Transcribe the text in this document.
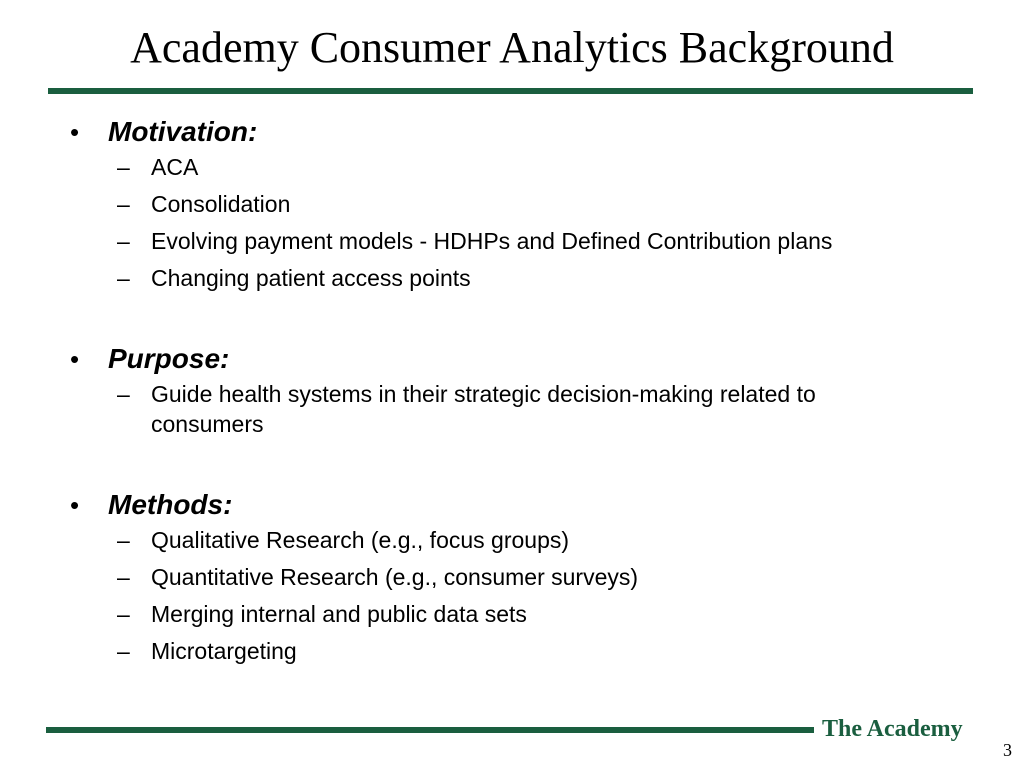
Academy Consumer Analytics Background
• Motivation:
– ACA
– Consolidation
– Evolving payment models - HDHPs and Defined Contribution plans
– Changing patient access points
• Purpose:
– Guide health systems in their strategic decision-making related to consumers
• Methods:
– Qualitative Research (e.g., focus groups)
– Quantitative Research (e.g., consumer surveys)
– Merging internal and public data sets
– Microtargeting
The Academy
3
